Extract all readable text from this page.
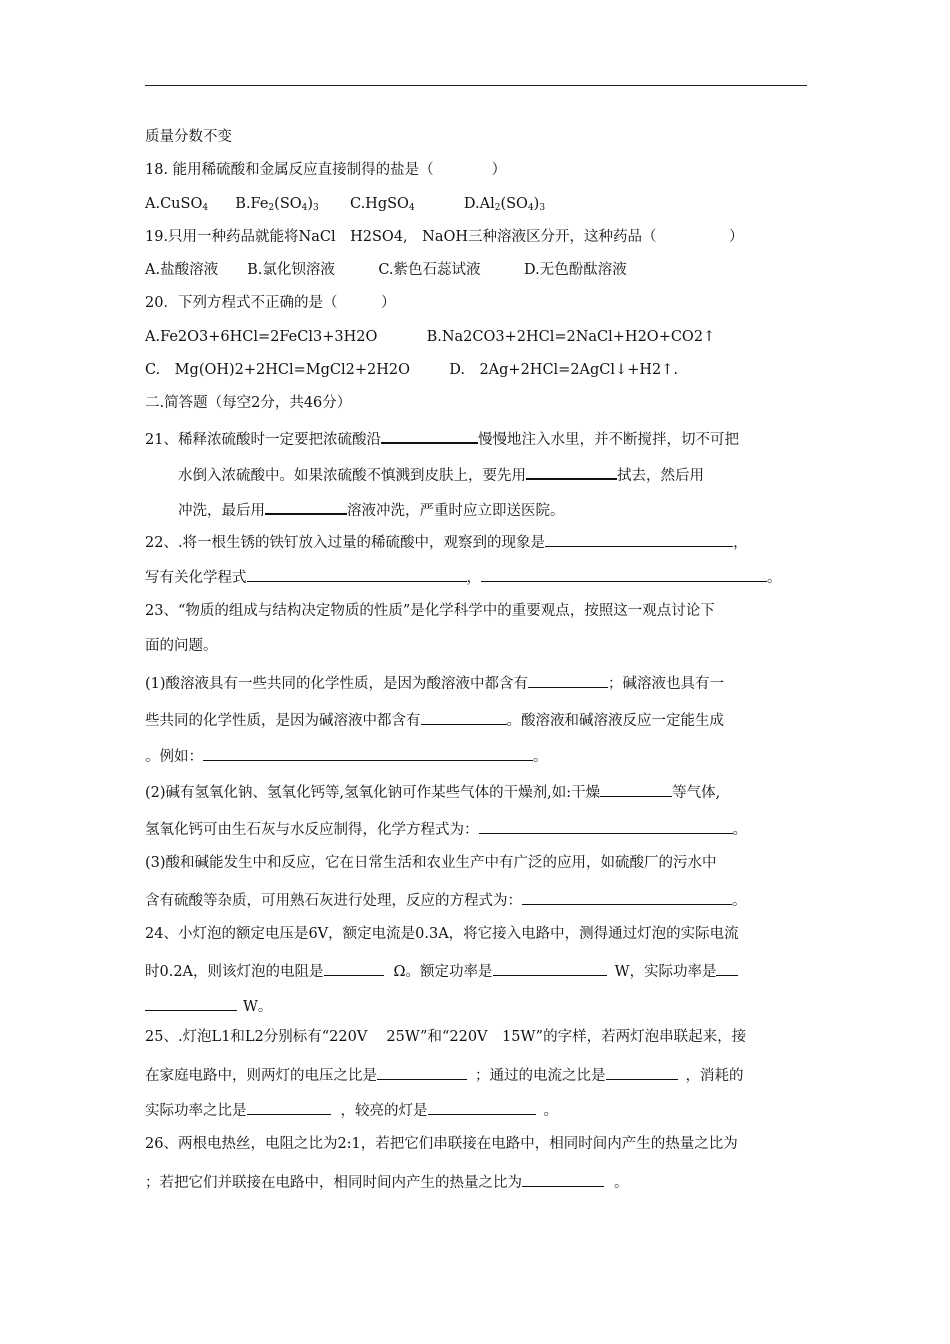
质量分数不变
18. 能用稀硫酸和金属反应直接制得的盐是（　　　　）
A.CuSO$_4$ $B.Fe_2(SO_4)_3$ C.HgSO$_4$	$D.Al_2(SO_4)_3$
19.只用一种药品就能将NaCl　H2SO4,　NaOH三种溶液区分开，这种药品（　　　　　）
A.盐酸溶液　　B.氯化钡溶液　　　C.紫色石蕊试液　　　D.无色酚酞溶液
20．下列方程式不正确的是（　　　）
A.Fe2O3+6HCl=2FeCl3+3H2O	B.Na2CO3+2HCl=2NaCl+H2O+CO2↑
C.　Mg(OH)2+2HCl=MgCl2+2H2O	D.　2Ag+2HCl=2AgCl↓+H2↑.
二.简答题（每空2分，共46分）
21、稀释浓硫酸时一定要把浓硫酸沿	慢慢地注入水里，并不断搅拌，切不可把
水倒入浓硫酸中。如果浓硫酸不慎溅到皮肤上，要先用	拭去，然后用
冲洗，最后用	溶液冲洗，严重时应立即送医院。
22、.将一根生锈的铁钉放入过量的稀硫酸中，观察到的现象是	，
写有关化学程式	，	。
23、“物质的组成与结构决定物质的性质”是化学科学中的重要观点，按照这一观点讨论下
面的问题。
(1)酸溶液具有一些共同的化学性质，是因为酸溶液中都含有	；碱溶液也具有一
些共同的化学性质，是因为碱溶液中都含有	。酸溶液和碱溶液反应一定能生成
。例如：	。
(2)碱有氢氧化钠、氢氧化钙等,氢氧化钠可作某些气体的干燥剂,如:干燥	等气体,
氢氧化钙可由生石灰与水反应制得，化学方程式为：	。
(3)酸和碱能发生中和反应，它在日常生活和农业生产中有广泛的应用，如硫酸厂的污水中
含有硫酸等杂质，可用熟石灰进行处理，反应的方程式为：	。
24、小灯泡的额定电压是6V，额定电流是0.3A，将它接入电路中，测得通过灯泡的实际电流
时0.2A，则该灯泡的电阻是	Ω。额定功率是	W，实际功率是
W。
25、.灯泡L1和L2分别标有“220V　 25W”和“220V　15W”的字样，若两灯泡串联起来，接
在家庭电路中，则两灯的电压之比是	；通过的电流之比是	，消耗的
实际功率之比是	，较亮的灯是	。
26、两根电热丝，电阻之比为2:1，若把它们串联接在电路中，相同时间内产生的热量之比为
；若把它们并联接在电路中，相同时间内产生的热量之比为	。
